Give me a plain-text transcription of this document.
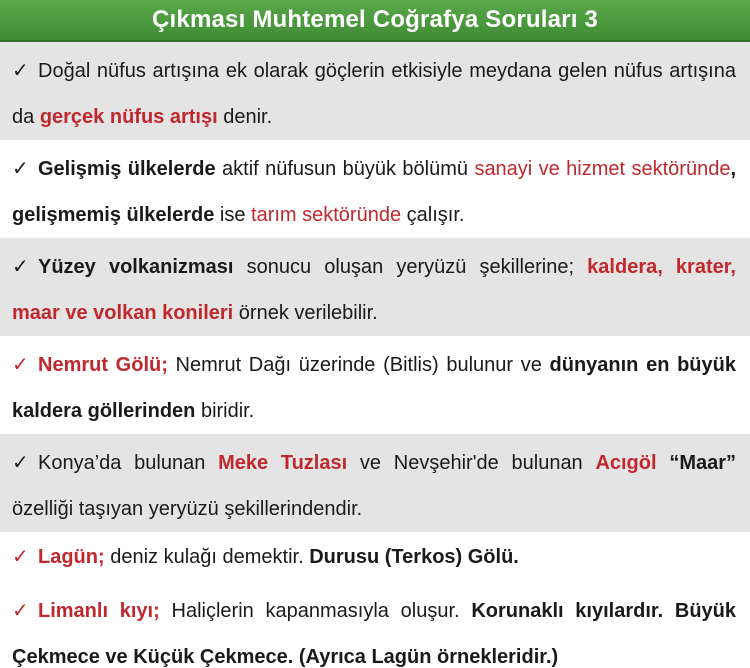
Çıkması Muhtemel Coğrafya Soruları 3
✓ Doğal nüfus artışına ek olarak göçlerin etkisiyle meydana gelen nüfus artışına da gerçek nüfus artışı denir.
✓ Gelişmiş ülkelerde aktif nüfusun büyük bölümü sanayi ve hizmet sektöründe, gelişmemiş ülkelerde ise tarım sektöründe çalışır.
✓ Yüzey volkanizması sonucu oluşan yeryüzü şekillerine; kaldera, krater, maar ve volkan konileri örnek verilebilir.
✓ Nemrut Gölü; Nemrut Dağı üzerinde (Bitlis) bulunur ve dünyanın en büyük kaldera göllerinden biridir.
✓ Konya’da bulunan Meke Tuzlası ve Nevşehir'de bulunan Acıgöl “Maar” özelliği taşıyan yeryüzü şekillerindendir.
✓ Lagün; deniz kulağı demektir. Durusu (Terkos) Gölü.
✓ Limanlı kıyı; Haliçlerin kapanmasıyla oluşur. Korunaklı kıyılardır. Büyük Çekmece ve Küçük Çekmece. (Ayrıca Lagün örnekleridir.)
